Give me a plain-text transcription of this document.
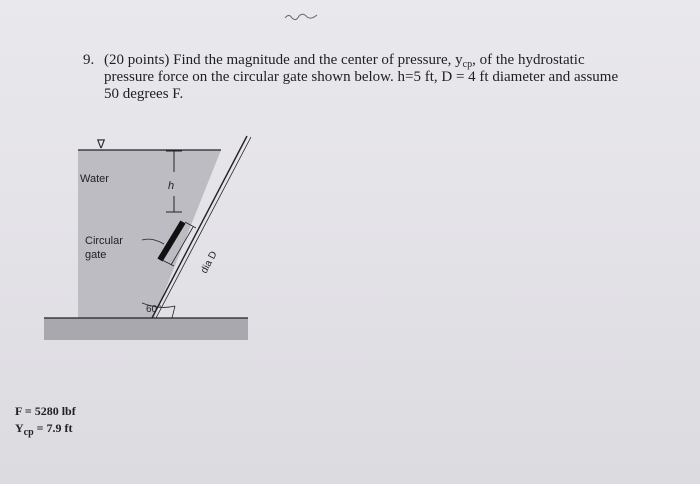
9. (20 points) Find the magnitude and the center of pressure, $y_{cp}$, of the hydrostatic
pressure force on the circular gate shown below. h=5 ft, D = 4 ft diameter and assume
50 degrees F.
∇
Water
Circular
gate
h
dia D
60°
F = 5280 lbf
$Y_{cp} = 7.9$ ft
